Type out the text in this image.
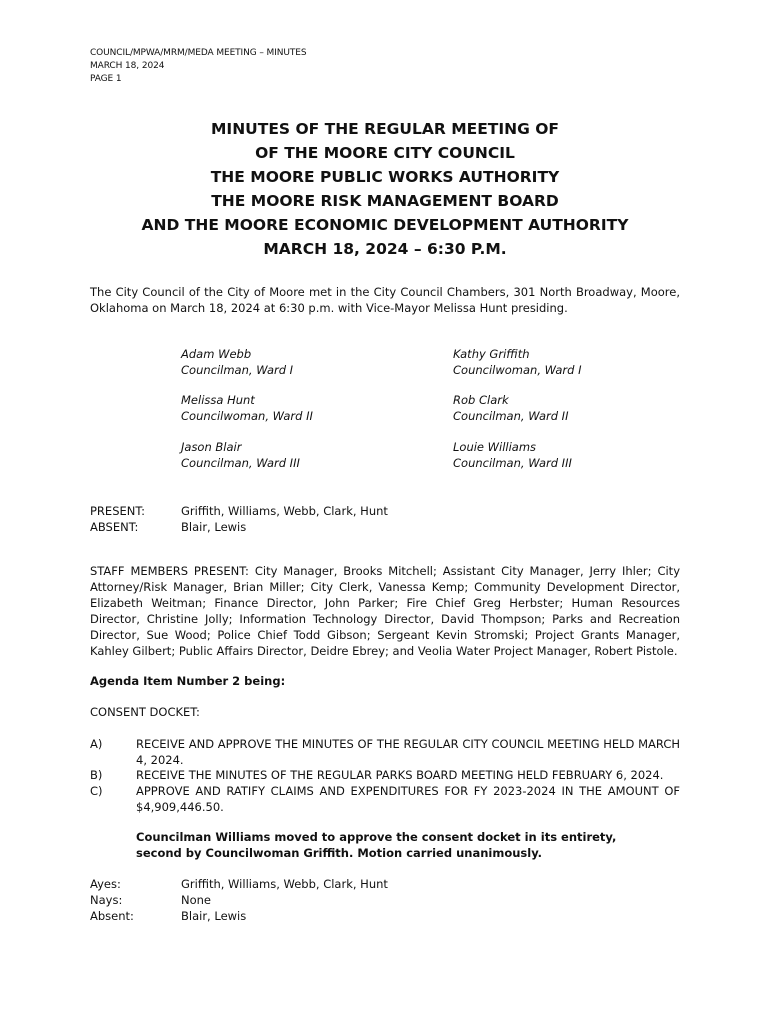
COUNCIL/MPWA/MRM/MEDA MEETING – MINUTES
MARCH 18, 2024
PAGE 1
MINUTES OF THE REGULAR MEETING OF
OF THE MOORE CITY COUNCIL
THE MOORE PUBLIC WORKS AUTHORITY
THE MOORE RISK MANAGEMENT BOARD
AND THE MOORE ECONOMIC DEVELOPMENT AUTHORITY
MARCH 18, 2024 – 6:30 P.M.
The City Council of the City of Moore met in the City Council Chambers, 301 North Broadway, Moore, Oklahoma on March 18, 2024 at 6:30 p.m. with Vice-Mayor Melissa Hunt presiding.
Adam Webb
Councilman, Ward I
Kathy Griffith
Councilwoman, Ward I
Melissa Hunt
Councilwoman, Ward II
Rob Clark
Councilman, Ward II
Jason Blair
Councilman, Ward III
Louie Williams
Councilman, Ward III
PRESENT:	Griffith, Williams, Webb, Clark, Hunt
ABSENT:	Blair, Lewis
STAFF MEMBERS PRESENT: City Manager, Brooks Mitchell; Assistant City Manager, Jerry Ihler; City Attorney/Risk Manager, Brian Miller; City Clerk, Vanessa Kemp; Community Development Director, Elizabeth Weitman; Finance Director, John Parker; Fire Chief Greg Herbster; Human Resources Director, Christine Jolly; Information Technology Director, David Thompson; Parks and Recreation Director, Sue Wood; Police Chief Todd Gibson; Sergeant Kevin Stromski; Project Grants Manager, Kahley Gilbert; Public Affairs Director, Deidre Ebrey; and Veolia Water Project Manager, Robert Pistole.
Agenda Item Number 2 being:
CONSENT DOCKET:
A)	RECEIVE AND APPROVE THE MINUTES OF THE REGULAR CITY COUNCIL MEETING HELD MARCH 4, 2024.
B)	RECEIVE THE MINUTES OF THE REGULAR PARKS BOARD MEETING HELD FEBRUARY 6, 2024.
C)	APPROVE AND RATIFY CLAIMS AND EXPENDITURES FOR FY 2023-2024 IN THE AMOUNT OF $4,909,446.50.
Councilman Williams moved to approve the consent docket in its entirety, second by Councilwoman Griffith. Motion carried unanimously.
Ayes:	Griffith, Williams, Webb, Clark, Hunt
Nays:	None
Absent:	Blair, Lewis
